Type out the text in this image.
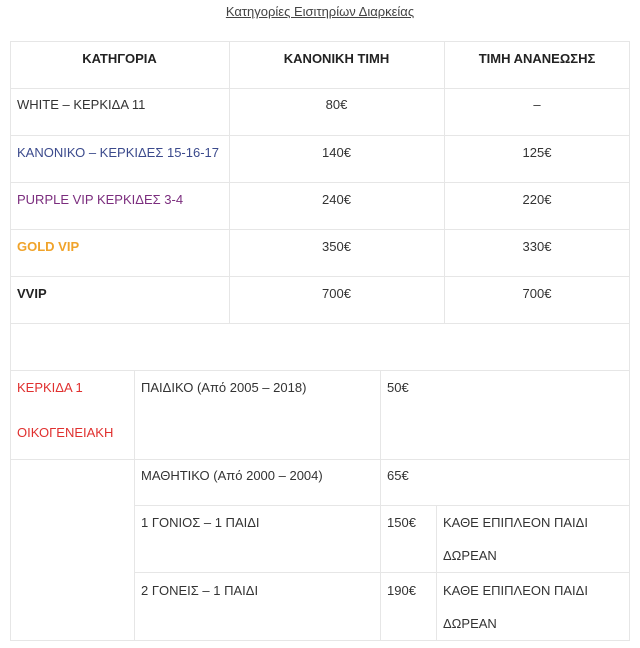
Κατηγορίες Εισιτηρίων Διαρκείας
ΚΑΤΗΓΟΡΙΑ	ΚΑΝΟΝΙΚΗ ΤΙΜΗ	ΤΙΜΗ ΑΝΑΝΕΩΣΗΣ
WHITE – ΚΕΡΚΙΔΑ 11	80€	–
ΚΑΝΟΝΙΚΟ – ΚΕΡΚΙΔΕΣ 15-16-17	140€	125€
PURPLE VIP ΚΕΡΚΙΔΕΣ 3-4	240€	220€
GOLD VIP	350€	330€
VVIP	700€	700€
ΚΕΡΚΙΔΑ 1
ΟΙΚΟΓΕΝΕΙΑΚΗ
ΠΑΙΔΙΚΟ (Από 2005 – 2018)	50€
ΜΑΘΗΤΙΚΟ (Από 2000 – 2004)	65€
1 ΓΟΝΙΟΣ – 1 ΠΑΙΔΙ	150€ ΚΑΘΕ ΕΠΙΠΛΕΟΝ ΠΑΙΔΙ
ΔΩΡΕΑΝ
2 ΓΟΝΕΙΣ – 1 ΠΑΙΔΙ	190€ ΚΑΘΕ ΕΠΙΠΛΕΟΝ ΠΑΙΔΙ
ΔΩΡΕΑΝ
